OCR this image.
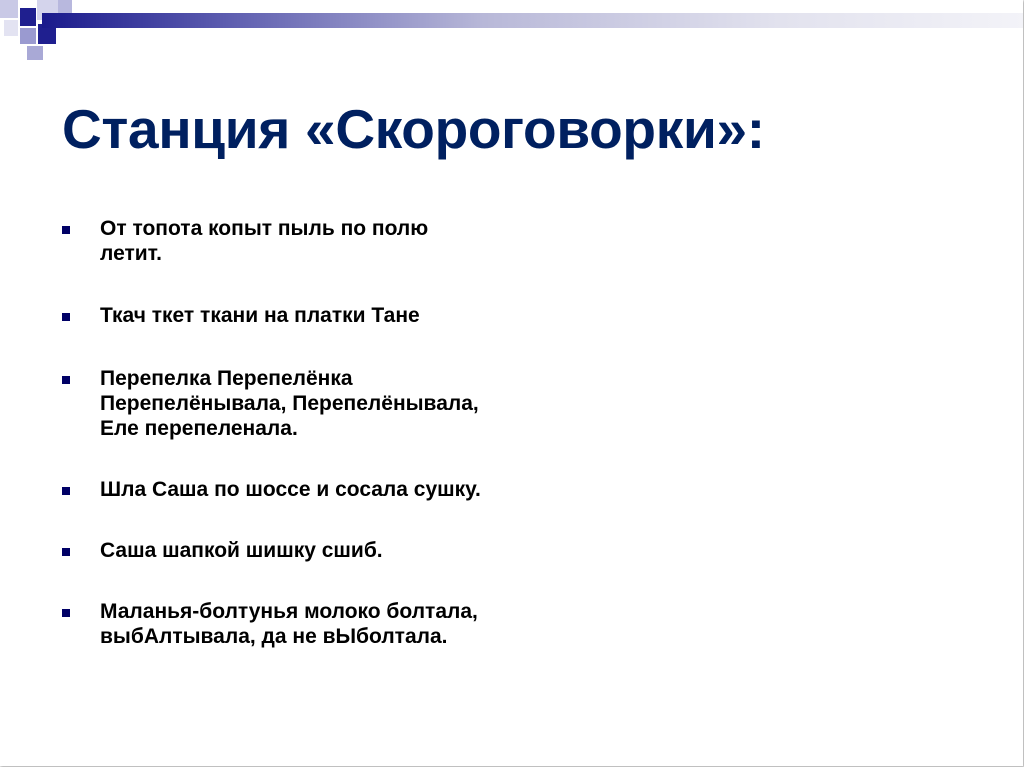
Станция «Скороговорки»:
От топота копыт пыль по полю
летит.
Ткач ткет ткани на платки Тане
Перепелка Перепелёнка
Перепелёнывала, Перепелёнывала,
Еле перепеленала.
Шла Саша по шоссе и сосала сушку.
Саша шапкой шишку сшиб.
Маланья-болтунья молоко болтала,
выбАлтывала, да не вЫболтала.
